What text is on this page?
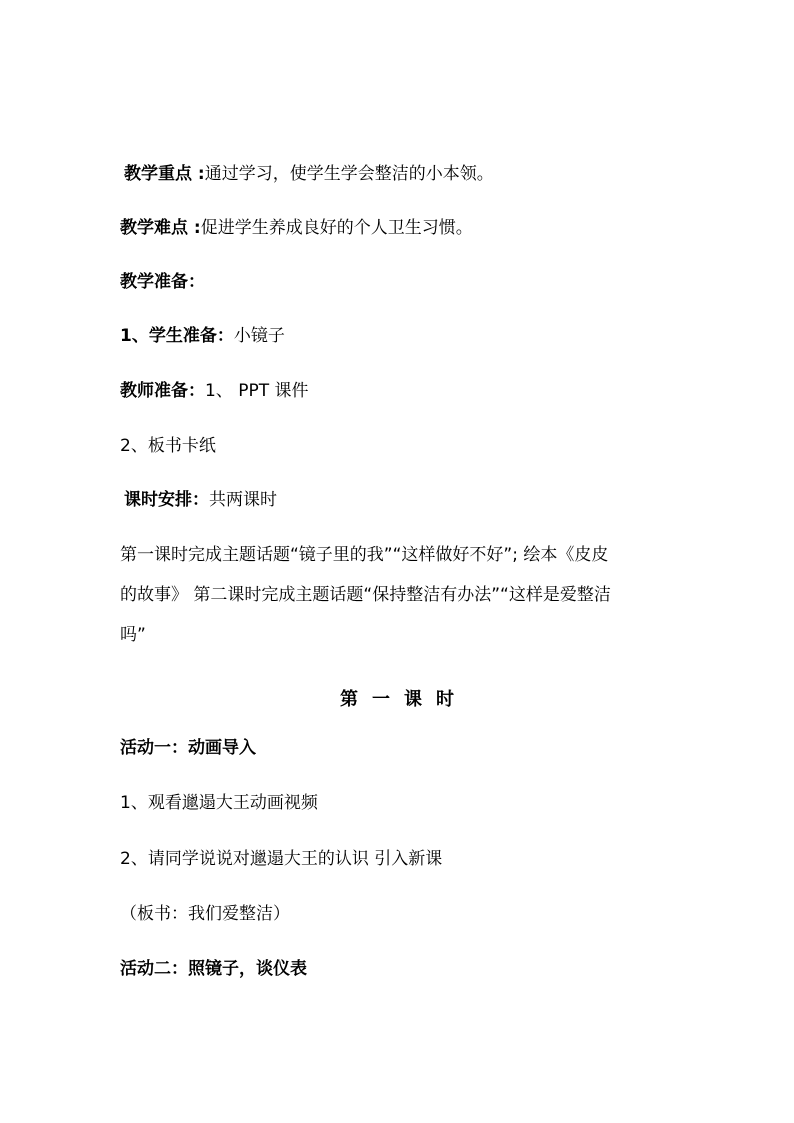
教学重点 :通过学习，使学生学会整洁的小本领。
教学难点 :促进学生养成良好的个人卫生习惯。
教学准备：
1、学生准备：小镜子
教师准备：1、 PPT 课件
2、板书卡纸
课时安排：共两课时
第一课时完成主题话题“镜子里的我”“这样做好不好”; 绘本《皮皮
的故事》 第二课时完成主题话题“保持整洁有办法”“这样是爱整洁
吗”
第一课时
活动一：动画导入
1、观看邋遢大王动画视频
2、请同学说说对邋遢大王的认识 引入新课
（板书：我们爱整洁）
活动二：照镜子，谈仪表
